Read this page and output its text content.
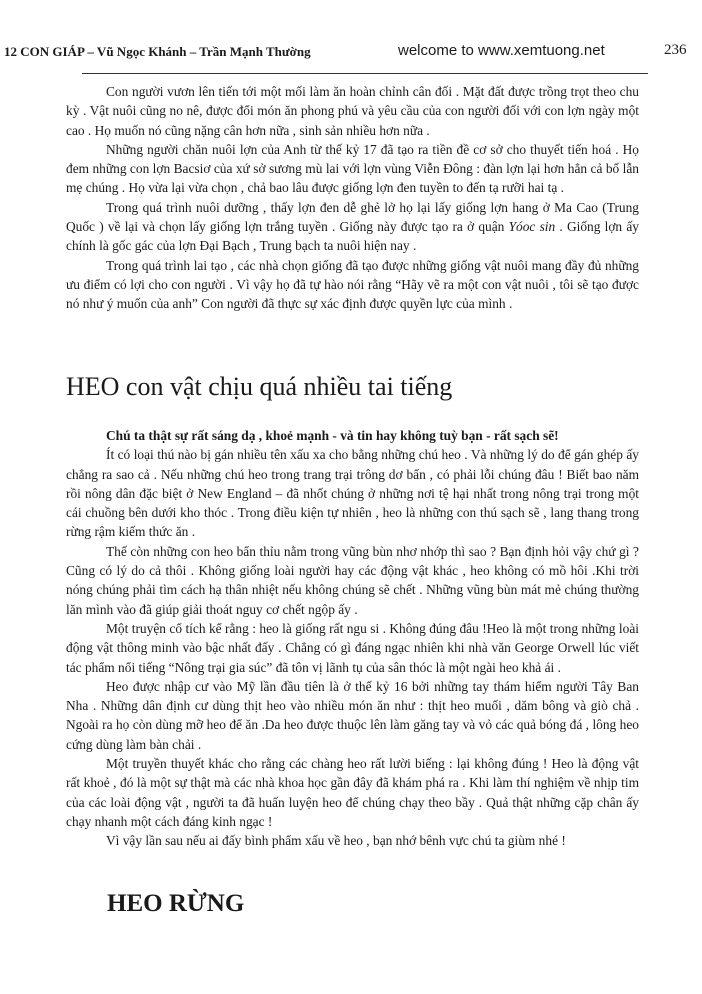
12 CON GIÁP – Vũ Ngọc Khánh – Trần Mạnh Thường	welcome to www.xemtuong.net	236

Con người vươn lên tiến tới một mối làm ăn hoàn chỉnh cân đối . Mặt đất được trồng trọt theo chu kỳ . Vật nuôi cũng no nê, được đổi món ăn phong phú và yêu cầu của con người đối với con lợn ngày một cao . Họ muốn nó cũng nặng cân hơn nữa , sinh sản nhiều hơn nữa .

Những người chăn nuôi lợn của Anh từ thế kỷ 17 đã tạo ra tiền đề cơ sở cho thuyết tiến hoá . Họ đem những con lợn Bacsiơ của xứ sở sương mù lai với lợn vùng Viễn Đông : đàn lợn lại hơn hẳn cả bố lẫn mẹ chúng . Họ vừa lại vừa chọn , chả bao lâu được giống lợn đen tuyền to đến tạ rưỡi hai tạ .

Trong quá trình nuôi dưỡng , thấy lợn đen dễ ghẻ lở họ lại lấy giống lợn hang ở Ma Cao (Trung Quốc ) về lại và chọn lấy giống lợn trắng tuyền . Giống này được tạo ra ở quận Yóoc sin . Giống lợn ấy chính là gốc gác của lợn Đại Bạch , Trung bạch ta nuôi hiện nay .

Trong quá trình lai tạo , các nhà chọn giống đã tạo được những giống vật nuôi mang đầy đủ những ưu điểm có lợi cho con người . Vì vậy họ đã tự hào nói rằng “Hãy vẽ ra một con vật nuôi , tôi sẽ tạo được nó như ý muốn của anh” Con người đã thực sự xác định được quyền lực của mình .

HEO con vật chịu quá nhiều tai tiếng

Chú ta thật sự rất sáng dạ , khoẻ mạnh - và tin hay không tuỳ bạn - rất sạch sẽ!

Ít có loại thú nào bị gán nhiều tên xấu xa cho bằng những chú heo . Và những lý do để gán ghép ấy chẳng ra sao cả . Nếu những chú heo trong trang trại trông dơ bẩn , có phải lỗi chúng đâu ! Biết bao năm rồi nông dân đặc biệt ở New England – đã nhốt chúng ở những nơi tệ hại nhất trong nông trại trong một cái chuồng bên dưới kho thóc . Trong điều kiện tự nhiên , heo là những con thú sạch sẽ , lang thang trong rừng rậm kiếm thức ăn .

Thế còn những con heo bẩn thỉu nằm trong vũng bùn nhơ nhớp thì sao ? Bạn định hỏi vậy chứ gì ? Cũng có lý do cả thôi . Không giống loài người hay các động vật khác , heo không có mồ hôi .Khi trời nóng chúng phải tìm cách hạ thân nhiệt nếu không chúng sẽ chết . Những vũng bùn mát mẻ chúng thường lăn mình vào đã giúp giải thoát nguy cơ chết ngộp ấy .

Một truyện cổ tích kể rằng : heo là giống rất ngu si . Không đúng đâu !Heo là một trong những loài động vật thông minh vào bậc nhất đấy . Chẳng có gì đáng ngạc nhiên khi nhà văn George Orwell lúc viết tác phẩm nổi tiếng “Nông trại gia súc” đã tôn vị lãnh tụ của sân thóc là một ngài heo khả ái .

Heo được nhập cư vào Mỹ lần đầu tiên là ở thế kỷ 16 bởi những tay thám hiểm người Tây Ban Nha . Những dân định cư dùng thịt heo vào nhiều món ăn như : thịt heo muối , dăm bông và giò chả . Ngoài ra họ còn dùng mỡ heo để ăn .Da heo được thuộc lên làm găng tay và vỏ các quả bóng đá , lông heo cứng dùng làm bàn chải .

Một truyền thuyết khác cho rằng các chàng heo rất lười biếng : lại không đúng ! Heo là động vật rất khoẻ , đó là một sự thật mà các nhà khoa học gần đây đã khám phá ra . Khi làm thí nghiệm về nhịp tim của các loài động vật , người ta đã huấn luyện heo để chúng chạy theo bầy . Quả thật những cặp chân ấy chạy nhanh một cách đáng kinh ngạc !

Vì vậy lần sau nếu ai đấy bình phẩm xấu về heo , bạn nhớ bênh vực chú ta giùm nhé !

HEO RỪNG
